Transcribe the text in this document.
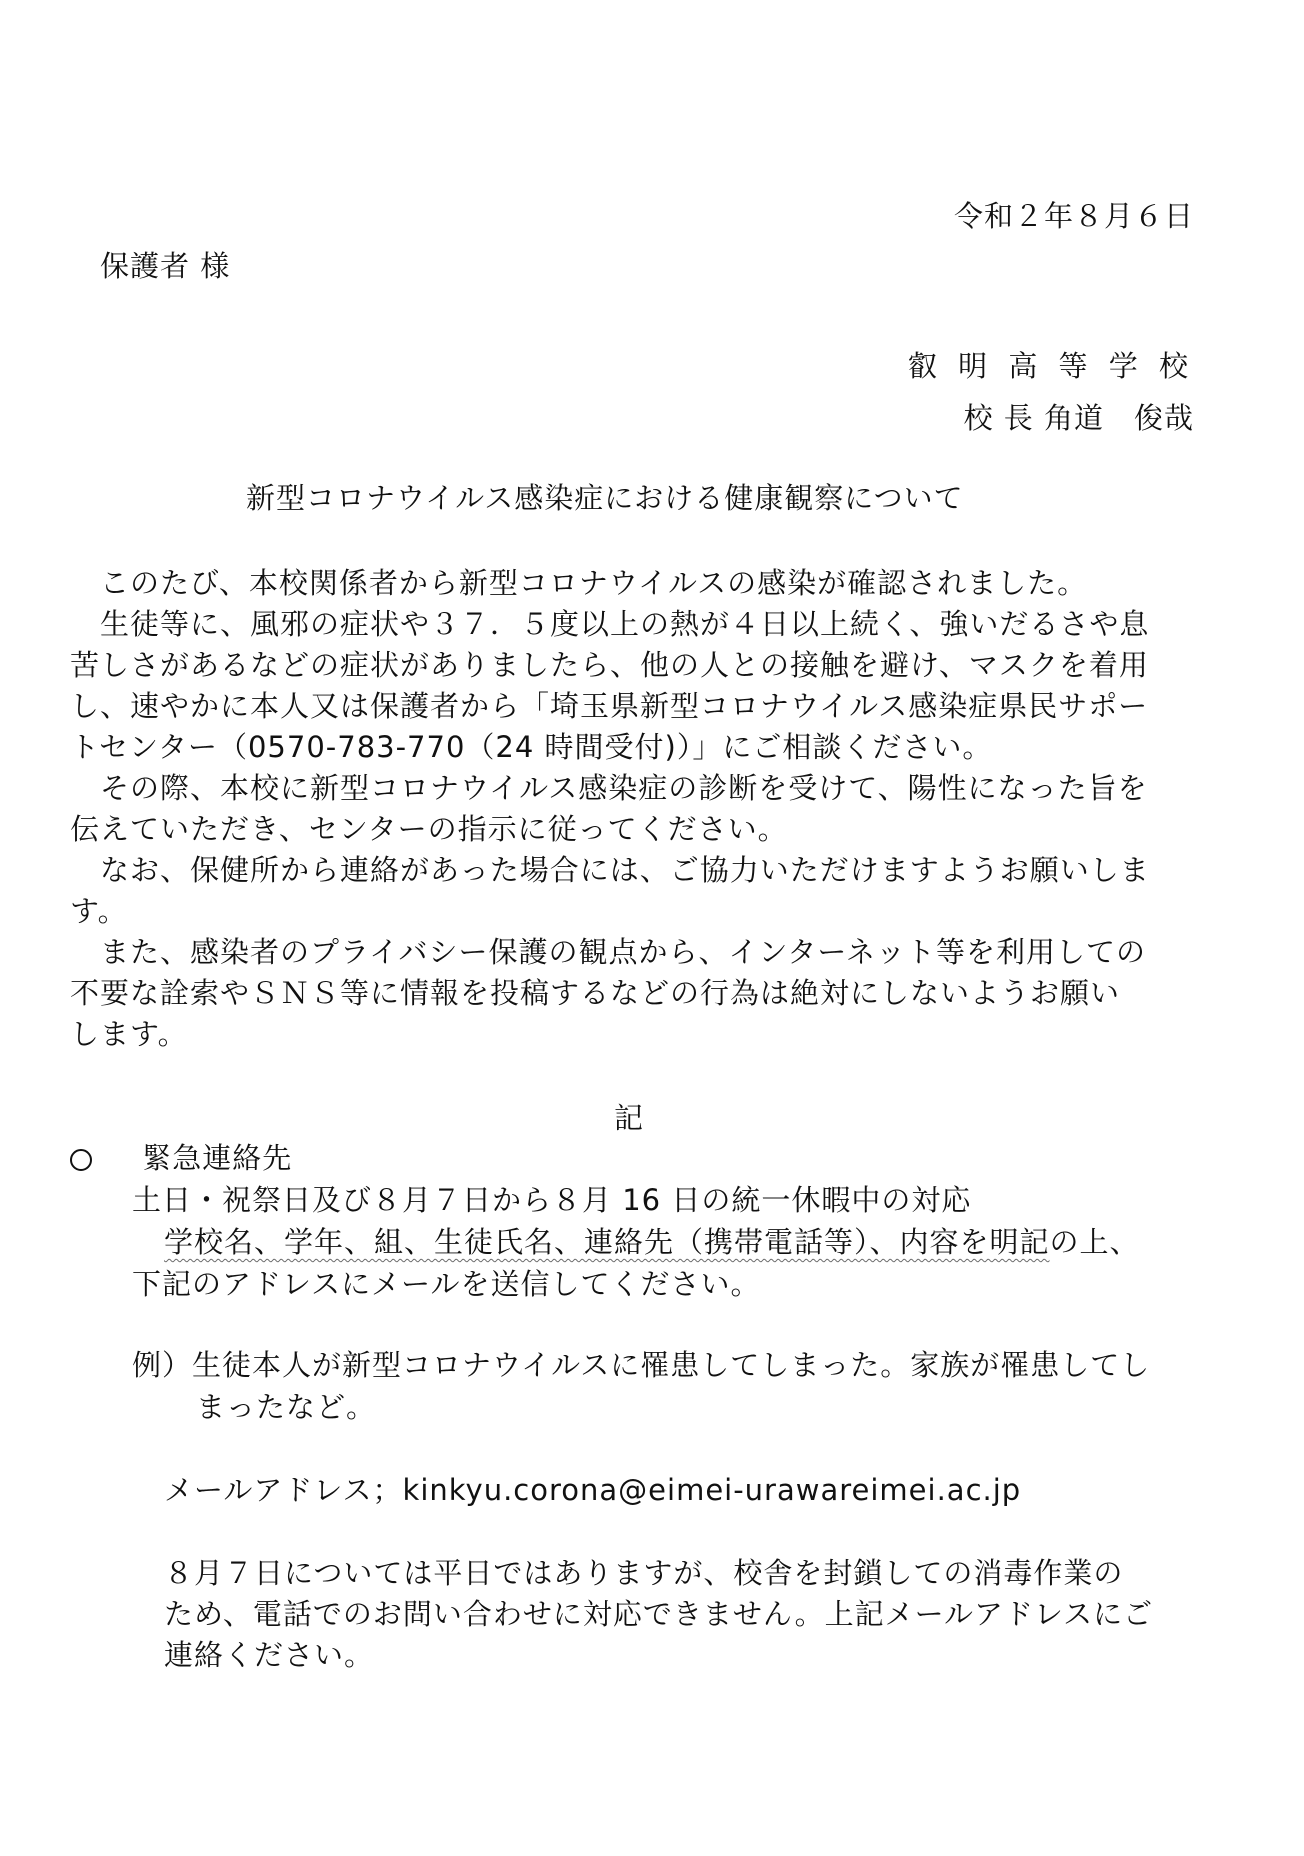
令和２年８月６日
保護者 様
叡 明 高 等 学 校
校 長 角道　俊哉
新型コロナウイルス感染症における健康観察について
このたび、本校関係者から新型コロナウイルスの感染が確認されました。
生徒等に、風邪の症状や３７．５度以上の熱が４日以上続く、強いだるさや息
苦しさがあるなどの症状がありましたら、他の人との接触を避け、マスクを着用
し、速やかに本人又は保護者から「埼玉県新型コロナウイルス感染症県民サポー
トセンター（0570-783-770（24 時間受付)）」にご相談ください。
その際、本校に新型コロナウイルス感染症の診断を受けて、陽性になった旨を
伝えていただき、センターの指示に従ってください。
なお、保健所から連絡があった場合には、ご協力いただけますようお願いしま
す。
また、感染者のプライバシー保護の観点から、インターネット等を利用しての
不要な詮索やＳＮＳ等に情報を投稿するなどの行為は絶対にしないようお願い
します。
記
緊急連絡先
土日・祝祭日及び８月７日から８月 16 日の統一休暇中の対応
学校名、学年、組、生徒氏名、連絡先（携帯電話等）、内容を明記の上、
下記のアドレスにメールを送信してください。
例）生徒本人が新型コロナウイルスに罹患してしまった。家族が罹患してし
まったなど。
メールアドレス；kinkyu.corona@eimei-urawareimei.ac.jp
８月７日については平日ではありますが、校舎を封鎖しての消毒作業の
ため、電話でのお問い合わせに対応できません。上記メールアドレスにご
連絡ください。
